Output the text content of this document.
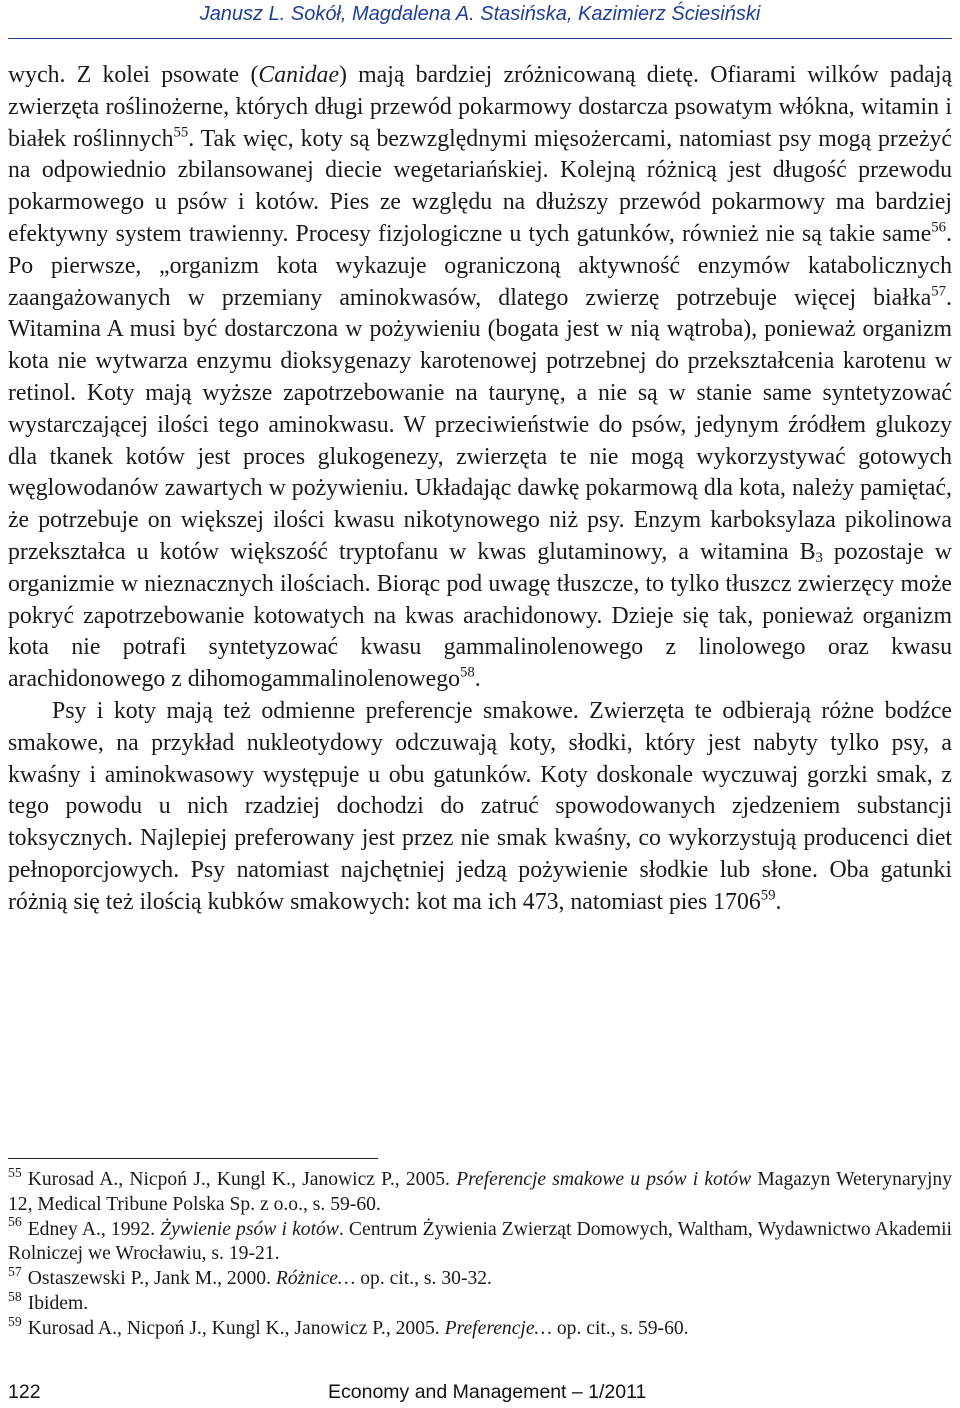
Janusz L. Sokół, Magdalena A. Stasińska, Kazimierz Ściesiński

wych. Z kolei psowate (Canidae) mają bardziej zróżnicowaną dietę. Ofiarami wilków padają zwierzęta roślinożerne, których długi przewód pokarmowy dostarcza psowatym włókna, witamin i białek roślinnych$^{55}$. Tak więc, koty są bezwzględnymi mięsożercami, natomiast psy mogą przeżyć na odpowiednio zbilansowanej diecie wegetariańskiej. Kolejną różnicą jest długość przewodu pokarmowego u psów i kotów. Pies ze względu na dłuższy przewód pokarmowy ma bardziej efektywny system trawienny. Procesy fizjologiczne u tych gatunków, również nie są takie same$^{56}$. Po pierwsze, „organizm kota wykazuje ograniczoną aktywność enzymów katabolicznych zaangażowanych w przemiany aminokwasów, dlatego zwierzę potrzebuje więcej białka$^{57}$. Witamina A musi być dostarczona w pożywieniu (bogata jest w nią wątroba), ponieważ organizm kota nie wytwarza enzymu dioksygenazy karotenowej potrzebnej do przekształcenia karotenu w retinol. Koty mają wyższe zapotrzebowanie na taurynę, a nie są w stanie same syntetyzować wystarczającej ilości tego aminokwasu. W przeciwieństwie do psów, jedynym źródłem glukozy dla tkanek kotów jest proces glukogenezy, zwierzęta te nie mogą wykorzystywać gotowych węglowodanów zawartych w pożywieniu. Układając dawkę pokarmową dla kota, należy pamiętać, że potrzebuje on większej ilości kwasu nikotynowego niż psy. Enzym karboksylaza pikolinowa przekształca u kotów większość tryptofanu w kwas glutaminowy, a witamina $B_3$ pozostaje w organizmie w nieznacznych ilościach. Biorąc pod uwagę tłuszcze, to tylko tłuszcz zwierzęcy może pokryć zapotrzebowanie kotowatych na kwas arachidonowy. Dzieje się tak, ponieważ organizm kota nie potrafi syntetyzować kwasu gammalinolenowego z linolowego oraz kwasu arachidonowego z dihomogammalinolenowego$^{58}$.

Psy i koty mają też odmienne preferencje smakowe. Zwierzęta te odbierają różne bodźce smakowe, na przykład nukleotydowy odczuwają koty, słodki, który jest nabyty tylko psy, a kwaśny i aminokwasowy występuje u obu gatunków. Koty doskonale wyczuwaj gorzki smak, z tego powodu u nich rzadziej dochodzi do zatruć spowodowanych zjedzeniem substancji toksycznych. Najlepiej preferowany jest przez nie smak kwaśny, co wykorzystują producenci diet pełnoporcjowych. Psy natomiast najchętniej jedzą pożywienie słodkie lub słone. Oba gatunki różnią się też ilością kubków smakowych: kot ma ich 473, natomiast pies 1706$^{59}$.

$^{55}$ Kurosad A., Nicpoń J., Kungl K., Janowicz P., 2005. Preferencje smakowe u psów i kotów Magazyn Weterynaryjny 12, Medical Tribune Polska Sp. z o.o., s. 59-60.

$^{56}$ Edney A., 1992. Żywienie psów i kotów. Centrum Żywienia Zwierząt Domowych, Waltham, Wydawnictwo Akademii Rolniczej we Wrocławiu, s. 19-21.

$^{57}$ Ostaszewski P., Jank M., 2000. Różnice… op. cit., s. 30-32.

$^{58}$ Ibidem.

$^{59}$ Kurosad A., Nicpoń J., Kungl K., Janowicz P., 2005. Preferencje… op. cit., s. 59-60.

122	Economy and Management – 1/2011
